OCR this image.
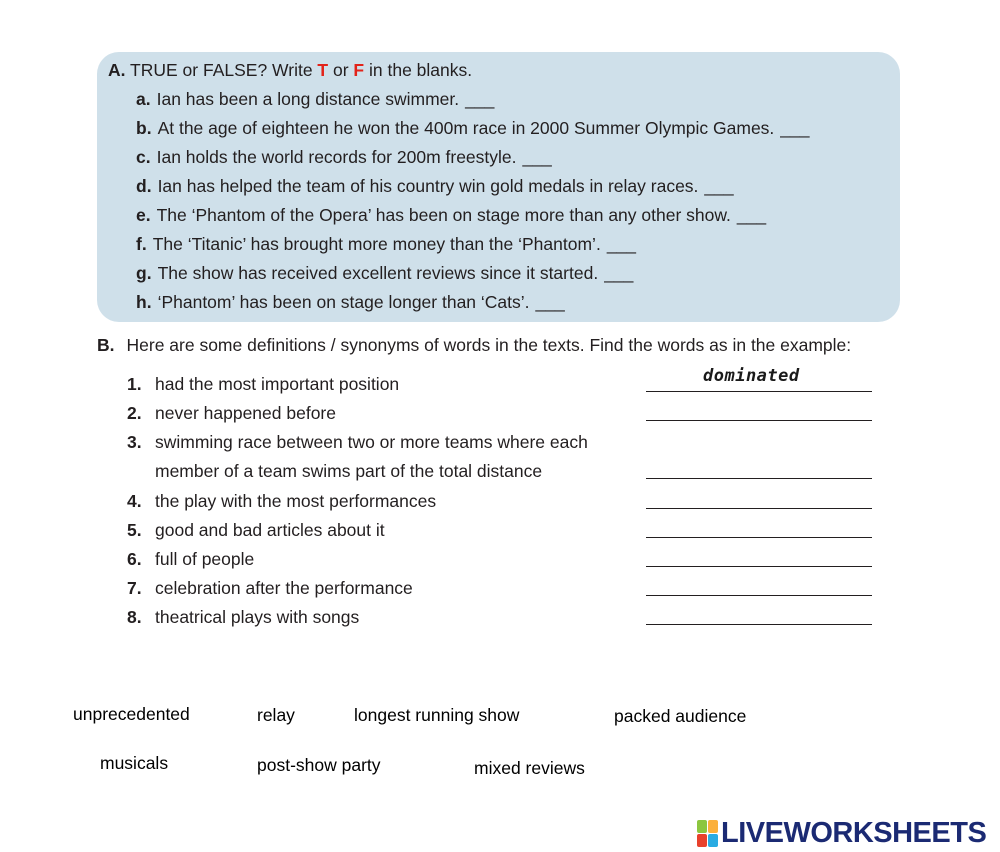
A. TRUE or FALSE? Write T or F in the blanks.
a. Ian has been a long distance swimmer. ___
b. At the age of eighteen he won the 400m race in 2000 Summer Olympic Games. ___
c. Ian holds the world records for 200m freestyle. ___
d. Ian has helped the team of his country win gold medals in relay races. ___
e. The ‘Phantom of the Opera’ has been on stage more than any other show. ___
f. The ‘Titanic’ has brought more money than the ‘Phantom’. ___
g. The show has received excellent reviews since it started. ___
h. ‘Phantom’ has been on stage longer than ‘Cats’. ___
B. Here are some definitions / synonyms of words in the texts. Find the words as in the example:
1. had the most important position
2. never happened before
3. swimming race between two or more teams where each
member of a team swims part of the total distance
4. the play with the most performances
5. good and bad articles about it
6. full of people
7. celebration after the performance
8. theatrical plays with songs
dominated
unprecedented	relay	longest running show	packed audience
musicals	post-show party	mixed reviews
LIVEWORKSHEETS
